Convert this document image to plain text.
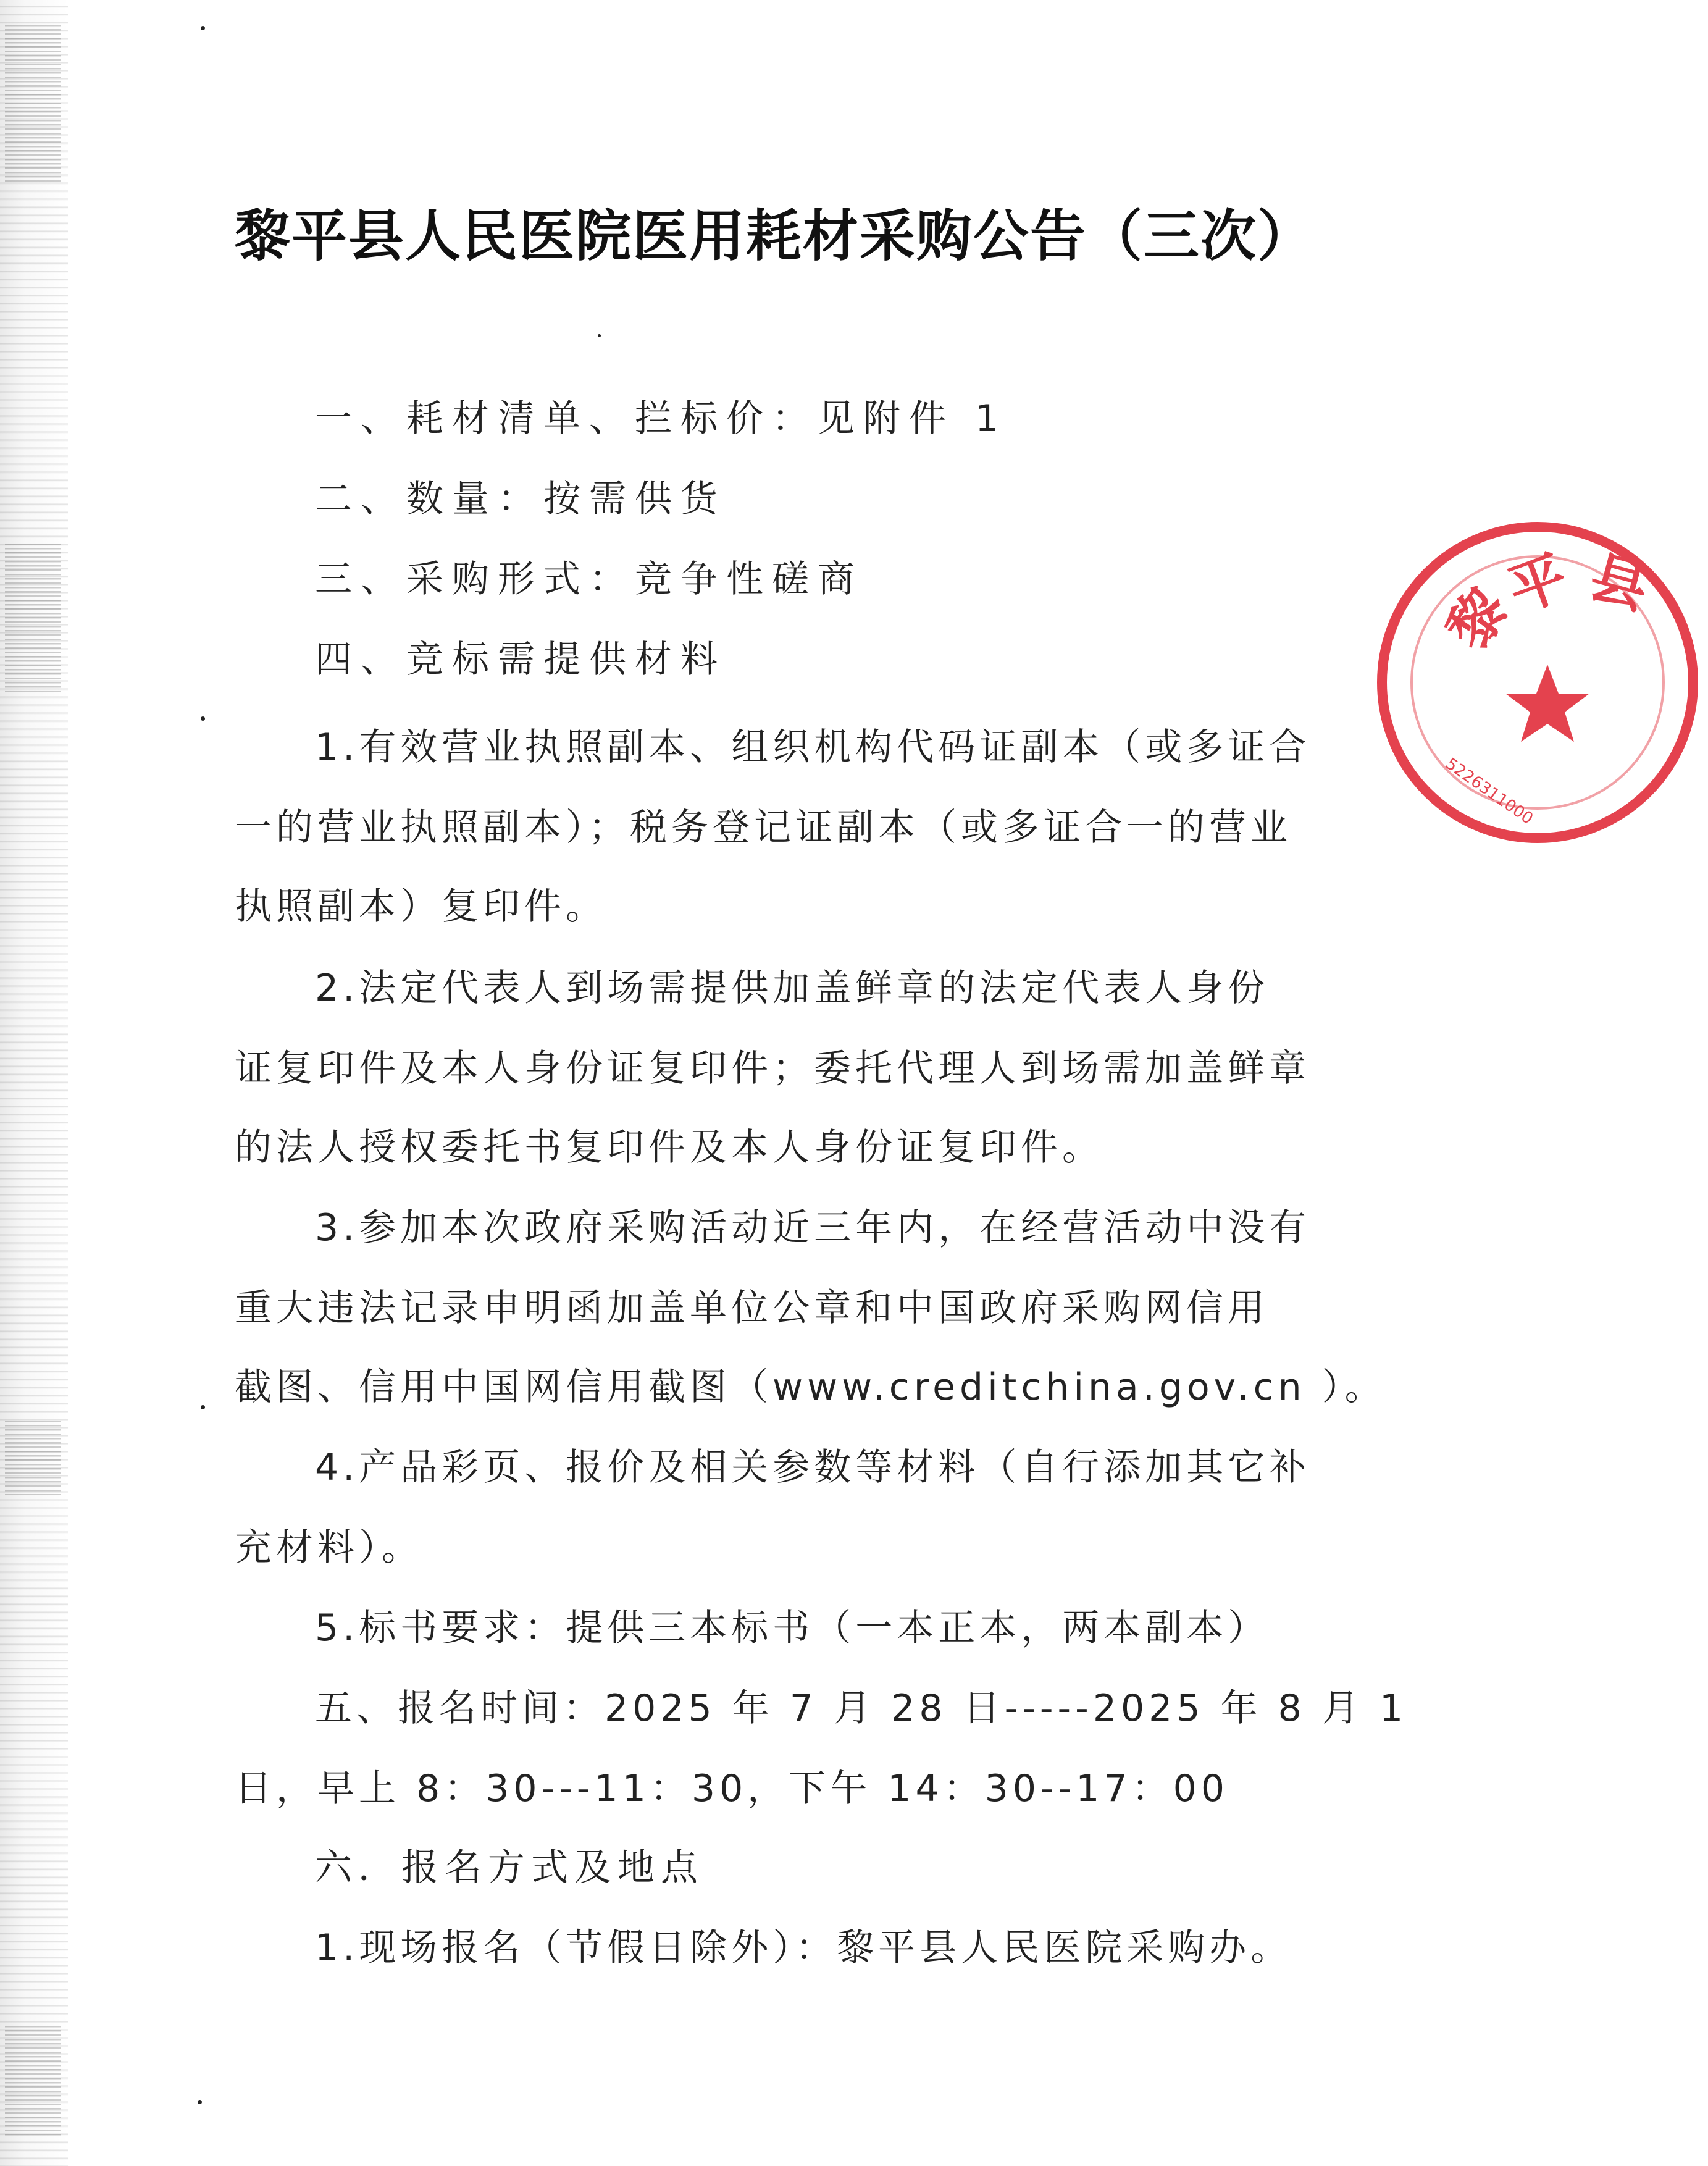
黎平县人民医院医用耗材采购公告（三次）
一、耗材清单、拦标价：见附件 1
二、数量：按需供货
三、采购形式：竞争性磋商
四、竞标需提供材料
1.有效营业执照副本、组织机构代码证副本（或多证合
一的营业执照副本）；税务登记证副本（或多证合一的营业
执照副本）复印件。
2.法定代表人到场需提供加盖鲜章的法定代表人身份
证复印件及本人身份证复印件；委托代理人到场需加盖鲜章
的法人授权委托书复印件及本人身份证复印件。
3.参加本次政府采购活动近三年内，在经营活动中没有
重大违法记录申明函加盖单位公章和中国政府采购网信用
截图、信用中国网信用截图（www.creditchina.gov.cn ）。
4.产品彩页、报价及相关参数等材料（自行添加其它补
充材料）。
5.标书要求：提供三本标书（一本正本，两本副本）
五、报名时间：2025 年 7 月 28 日-----2025 年 8 月 1
日，早上 8：30---11：30，下午 14：30--17：00
六．报名方式及地点
1.现场报名（节假日除外）：黎平县人民医院采购办。
黎
平 县
5226311000
